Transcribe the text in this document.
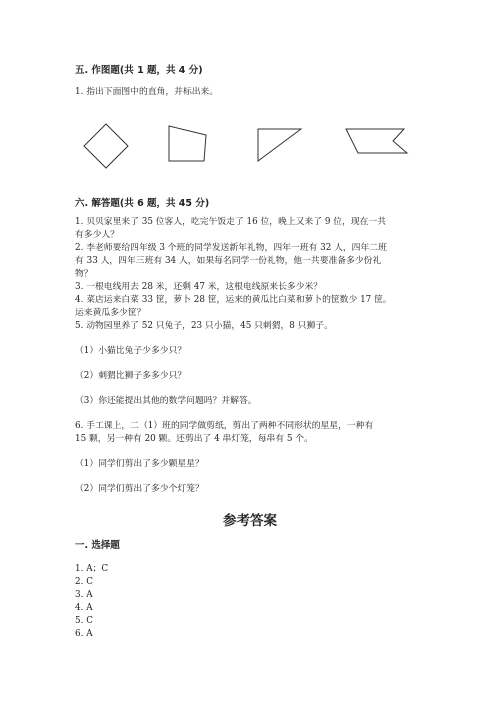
五. 作图题(共 1 题，共 4 分)
1. 指出下面图中的直角，并标出来。
六. 解答题(共 6 题，共 45 分)
1. 贝贝家里来了 35 位客人，吃完午饭走了 16 位，晚上又来了 9 位，现在一共
有多少人？
2. 李老师要给四年级 3 个班的同学发送新年礼物，四年一班有 32 人，四年二班
有 33 人，四年三班有 34 人，如果每名同学一份礼物，他一共要准备多少份礼
物？
3. 一根电线用去 28 米，还剩 47 米，这根电线原来长多少米？
4. 菜店运来白菜 33 筐，萝卜 28 筐，运来的黄瓜比白菜和萝卜的筐数少 17 筐。
运来黄瓜多少筐？
5. 动物园里养了 52 只兔子，23 只小猫，45 只刺猬，8 只狮子。
（1）小猫比兔子少多少只？
（2）刺猬比狮子多多少只？
（3）你还能提出其他的数学问题吗？并解答。
6. 手工课上，二（1）班的同学做剪纸，剪出了两种不同形状的星星，一种有
15 颗，另一种有 20 颗。还剪出了 4 串灯笼，每串有 5 个。
（1）同学们剪出了多少颗星星？
（2）同学们剪出了多少个灯笼？
参考答案
一. 选择题
1. A；C
2. C
3. A
4. A
5. C
6. A
